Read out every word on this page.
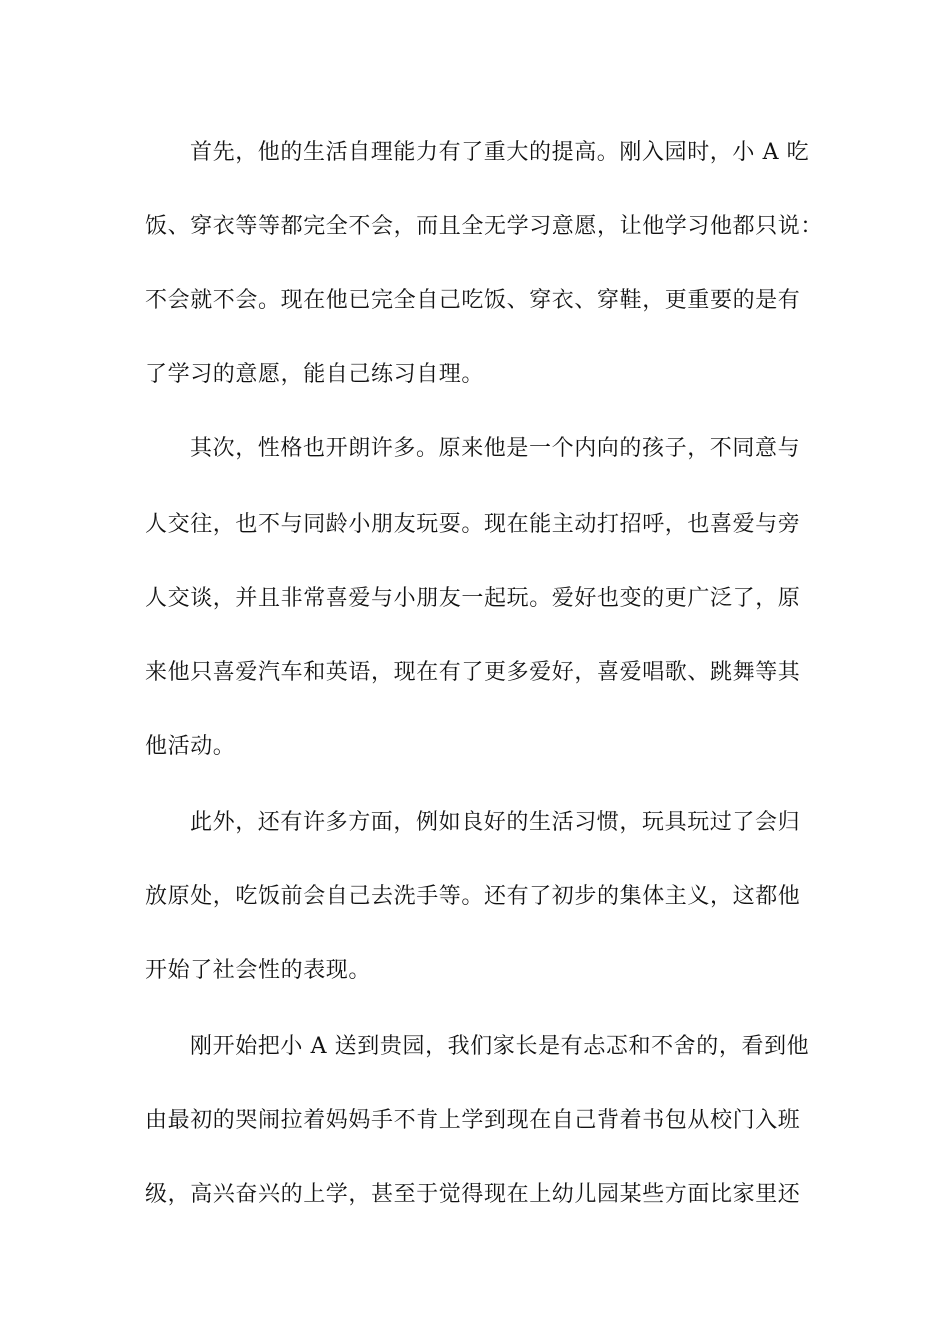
首先，他的生活自理能力有了重大的提高。刚入园时，小 A 吃
饭、穿衣等等都完全不会，而且全无学习意愿，让他学习他都只说：
不会就不会。现在他已完全自己吃饭、穿衣、穿鞋，更重要的是有
了学习的意愿，能自己练习自理。
其次，性格也开朗许多。原来他是一个内向的孩子，不同意与
人交往，也不与同龄小朋友玩耍。现在能主动打招呼，也喜爱与旁
人交谈，并且非常喜爱与小朋友一起玩。爱好也变的更广泛了，原
来他只喜爱汽车和英语，现在有了更多爱好，喜爱唱歌、跳舞等其
他活动。
此外，还有许多方面，例如良好的生活习惯，玩具玩过了会归
放原处，吃饭前会自己去洗手等。还有了初步的集体主义，这都他
开始了社会性的表现。
刚开始把小 A 送到贵园，我们家长是有忐忑和不舍的，看到他
由最初的哭闹拉着妈妈手不肯上学到现在自己背着书包从校门入班
级，高兴奋兴的上学，甚至于觉得现在上幼儿园某些方面比家里还
